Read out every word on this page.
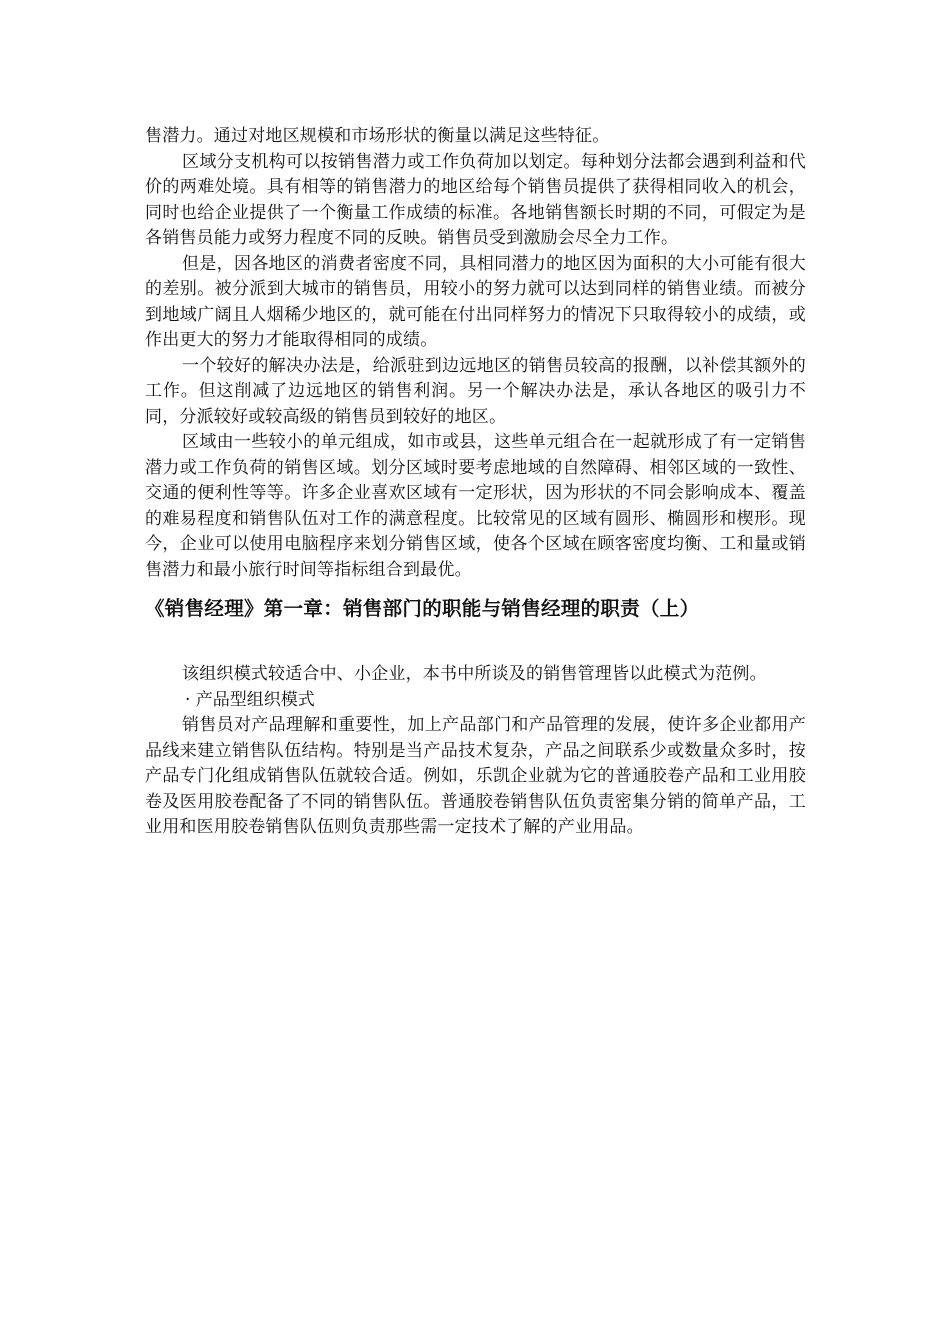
售潜力。通过对地区规模和市场形状的衡量以满足这些特征。

区域分支机构可以按销售潜力或工作负荷加以划定。每种划分法都会遇到利益和代价的两难处境。具有相等的销售潜力的地区给每个销售员提供了获得相同收入的机会，同时也给企业提供了一个衡量工作成绩的标准。各地销售额长时期的不同，可假定为是各销售员能力或努力程度不同的反映。销售员受到激励会尽全力工作。

但是，因各地区的消费者密度不同，具相同潜力的地区因为面积的大小可能有很大的差别。被分派到大城市的销售员，用较小的努力就可以达到同样的销售业绩。而被分到地域广阔且人烟稀少地区的，就可能在付出同样努力的情况下只取得较小的成绩，或作出更大的努力才能取得相同的成绩。

一个较好的解决办法是，给派驻到边远地区的销售员较高的报酬，以补偿其额外的工作。但这削减了边远地区的销售利润。另一个解决办法是，承认各地区的吸引力不同，分派较好或较高级的销售员到较好的地区。

区域由一些较小的单元组成，如市或县，这些单元组合在一起就形成了有一定销售潜力或工作负荷的销售区域。划分区域时要考虑地域的自然障碍、相邻区域的一致性、交通的便利性等等。许多企业喜欢区域有一定形状，因为形状的不同会影响成本、覆盖的难易程度和销售队伍对工作的满意程度。比较常见的区域有圆形、椭圆形和楔形。现今，企业可以使用电脑程序来划分销售区域，使各个区域在顾客密度均衡、工和量或销售潜力和最小旅行时间等指标组合到最优。

《销售经理》第一章：销售部门的职能与销售经理的职责（上）

该组织模式较适合中、小企业，本书中所谈及的销售管理皆以此模式为范例。

· 产品型组织模式

销售员对产品理解和重要性，加上产品部门和产品管理的发展，使许多企业都用产品线来建立销售队伍结构。特别是当产品技术复杂，产品之间联系少或数量众多时，按产品专门化组成销售队伍就较合适。例如，乐凯企业就为它的普通胶卷产品和工业用胶卷及医用胶卷配备了不同的销售队伍。普通胶卷销售队伍负责密集分销的简单产品，工业用和医用胶卷销售队伍则负责那些需一定技术了解的产业用品。
